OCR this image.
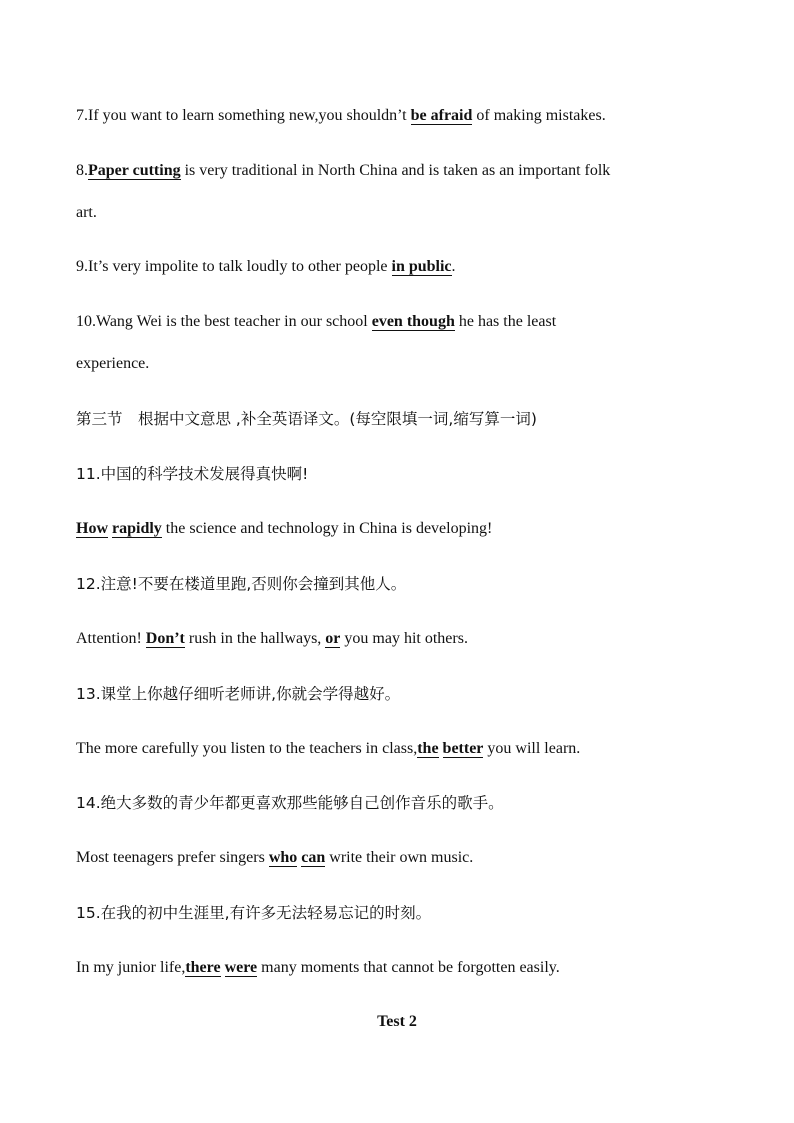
7.If you want to learn something new,you shouldn’t be afraid of making mistakes.
8.Paper cutting is very traditional in North China and is taken as an important folk
art.
9.It’s very impolite to talk loudly to other people in public.
10.Wang Wei is the best teacher in our school even though he has the least
experience.
第三节　根据中文意思 ,补全英语译文。(每空限填一词,缩写算一词)
11.中国的科学技术发展得真快啊!
How rapidly the science and technology in China is developing!
12.注意!不要在楼道里跑,否则你会撞到其他人。
Attention! Don’t rush in the hallways, or you may hit others.
13.课堂上你越仔细听老师讲,你就会学得越好。
The more carefully you listen to the teachers in class,the better you will learn.
14.绝大多数的青少年都更喜欢那些能够自己创作音乐的歌手。
Most teenagers prefer singers who can write their own music.
15.在我的初中生涯里,有许多无法轻易忘记的时刻。
In my junior life,there were many moments that cannot be forgotten easily.
Test 2
